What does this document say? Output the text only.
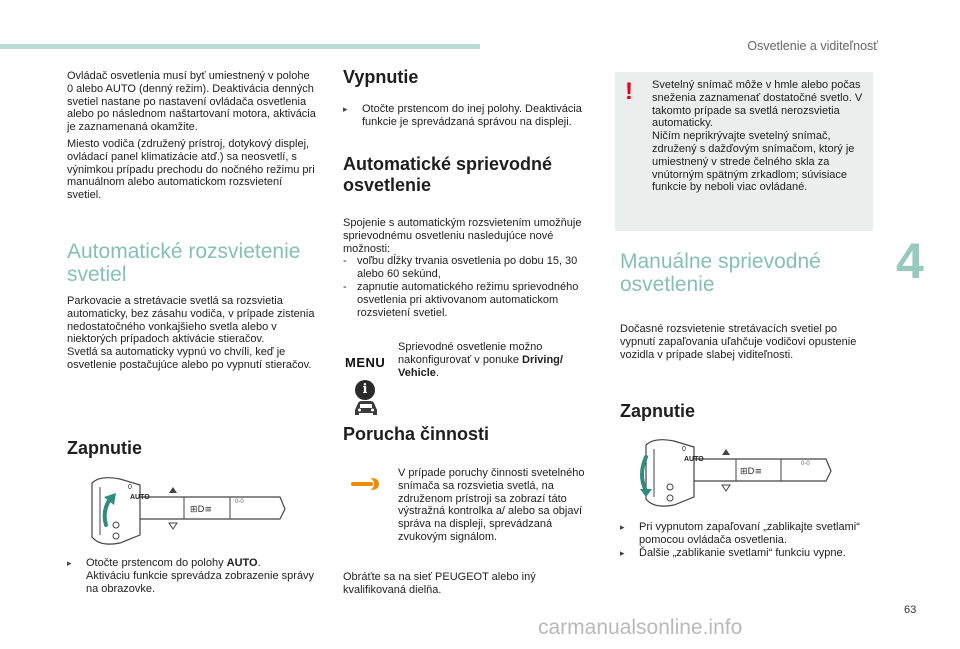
Osvetlenie a viditeľnosť
4
63
carmanualsonline.info

Ovládač osvetlenia musí byť umiestnený v polohe 0 alebo AUTO (denný režim). Deaktivácia denných svetiel nastane po nastavení ovládača osvetlenia alebo po následnom naštartovaní motora, aktivácia je zaznamenaná okamžite.

Miesto vodiča (združený prístroj, dotykový displej, ovládací panel klimatizácie atď.) sa neosvetlí, s výnimkou prípadu prechodu do nočného režimu pri manuálnom alebo automatickom rozsvietení svetiel.

Automatické rozsvietenie svetiel

Parkovacie a stretávacie svetlá sa rozsvietia automaticky, bez zásahu vodiča, v prípade zistenia nedostatočného vonkajšieho svetla alebo v niektorých prípadoch aktivácie stieračov.

Svetlá sa automaticky vypnú vo chvíli, keď je osvetlenie postačujúce alebo po vypnutí stieračov.

Zapnutie
AUTO
0
0-0
⊞D≡
▸	Otočte prstencom do polohy AUTO.
Aktiváciu funkcie sprevádza zobrazenie správy na obrazovke.
Vypnutie
▸	Otočte prstencom do inej polohy. Deaktivácia funkcie je sprevádzaná správou na displeji.
Automatické sprievodné osvetlenie

Spojenie s automatickým rozsvietením umožňuje sprievodnému osvetleniu nasledujúce nové možnosti:

- voľbu dĺžky trvania osvetlenia po dobu 15, 30 alebo 60 sekúnd,
- zapnutie automatického režimu sprievodného osvetlenia pri aktivovanom automatickom rozsvietení svetiel.
MENU
i
Sprievodné osvetlenie možno nakonfigurovať v ponuke Driving/ Vehicle.
Porucha činnosti
V prípade poruchy činnosti svetelného snímača sa rozsvietia svetlá, na združenom prístroji sa zobrazí táto výstražná kontrolka a/ alebo sa objaví správa na displeji, sprevádzaná zvukovým signálom.
Obráťte sa na sieť PEUGEOT alebo iný kvalifikovaná dielňa.
! Svetelný snímač môže v hmle alebo počas sneženia zaznamenať dostatočné svetlo. V takomto prípade sa svetlá nerozsvietia automaticky.

Ničím neprikrývajte svetelný snímač, združený s dažďovým snímačom, ktorý je umiestnený v strede čelného skla za vnútorným spätným zrkadlom; súvisiace funkcie by neboli viac ovládané.

Manuálne sprievodné osvetlenie
Dočasné rozsvietenie stretávacích svetiel po vypnutí zapaľovania uľahčuje vodičovi opustenie vozidla v prípade slabej viditeľnosti.
Zapnutie
AUTO
0
0-0
⊞D≡
▸	Pri vypnutom zapaľovaní „zablikajte svetlami“ pomocou ovládača osvetlenia.
▸	Ďalšie „zablikanie svetlami“ funkciu vypne.
